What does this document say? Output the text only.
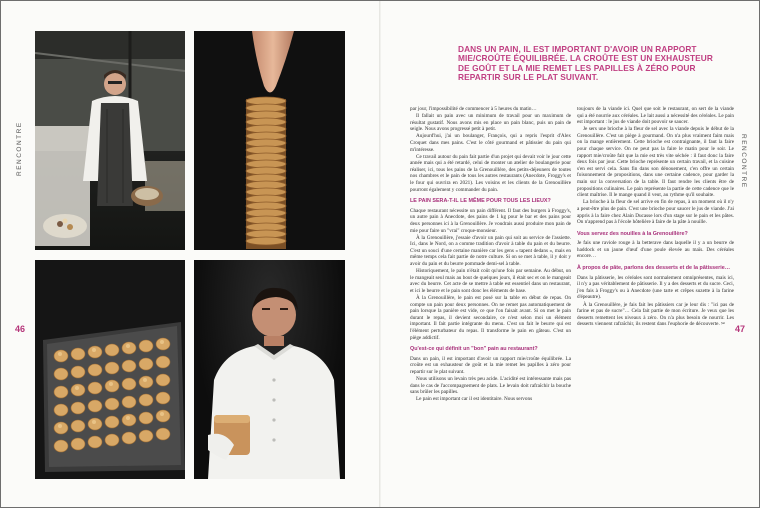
RENCONTRE	RENCONTRE
46	47
DANS UN PAIN, IL EST IMPORTANT D'AVOIR UN RAPPORT MIE/CROÛTE ÉQUILIBRÉE. LA CROÛTE EST UN EXHAUSTEUR DE GOÛT ET LA MIE REMET LES PAPILLES À ZÉRO POUR REPARTIR SUR LE PLAT SUIVANT.

par jour, l'impossibilité de commencer à 5 heures du matin…

Il fallait un pain avec un minimum de travail pour un maximum de résultat gustatif. Nous avons mis en place un pain blanc, puis un pain de seigle. Nous avons progressé petit à petit.

Aujourd'hui, j'ai un boulanger, François, qui a repris l'esprit d'Alex Croquet dans mes pains. C'est le côté gourmand et pâtissier du pain qui m'intéresse.

Ce travail autour du pain fait partie d'un projet qui devait voir le jour cette année mais qui a été retardé, celui de monter un atelier de boulangerie pour réaliser, ici, tous les pains de la Grenouillère, des petits-déjeuners de toutes nos chambres et le pain de tous les autres restaurants (Anecdote, Froggy's et le four qui ouvrira en 2021). Les voisins et les clients de la Grenouillère pourront également y commander du pain.

LE PAIN SERA-T-IL LE MÊME POUR TOUS LES LIEUX?

Chaque restaurant nécessite un pain différent. Il faut des burgers à Froggy's, un autre pain à Anecdote, des pains de 1 kg pour le bar et des pains pour deux personnes ici à la Grenouillère. Je voudrais aussi produire mon pain de mie pour faire un "vrai" croque-monsieur.

À la Grenouillère, j'essaie d'avoir un pain qui soit au service de l'assiette. Ici, dans le Nord, on a comme tradition d'avoir à table du pain et du beurre. C'est un souci d'une certaine manière car les gens « tapent dedans », mais en même temps cela fait partie de notre culture. Si on se met à table, il y doit y avoir du pain et du beurre pommade demi-sel à table.

Historiquement, le pain n'était coût qu'une fois par semaine. Au début, on le mangeait seul mais au bout de quelques jours, il était sec et on le mangeait avec du beurre. Cet acte de se mettre à table est essentiel dans un restaurant, et ici le beurre et le pain sont donc les éléments de base.

À la Grenouillère, le pain est posé sur la table en début de repas. On compte un pain pour deux personnes. On ne remet pas automatiquement de pain lorsque la panière est vide, ce que l'on faisait avant. Si on met le pain durant le repas, il devient secondaire, ce n'est selon moi un élément important. Il fait partie intégrante du menu. C'est un fait le beurre qui est l'élément perturbateur du repas. Il transforme le pain en gâteau. C'est un piège addictif.

Qu'est-ce qui définit un "bon" pain au restaurant?

Dans un pain, il est important d'avoir un rapport mie/croûte équilibrée. La croûte est un exhausteur de goût et la mie remet les papilles à zéro pour repartir sur le plat suivant.

Nous utilisons un levain très peu acide. L'acidité est intéressante mais pas dans le cas de l'accompagnement de plats. Le levain doit rafraîchir la bouche sans brûler les papilles.

Le pain est important car il est identitaire. Nous servons

toujours de la viande ici. Quel que soit le restaurant, on sert de la viande qui a été nourrie aux céréales. Le lait aussi a nécessité des céréales. Le pain est important : le jus de viande doit pouvoir se saucer.

Je sers une brioche à la fleur de sel avec la viande depuis le début de la Grenouillère. C'est un piège à gourmand. On n'a plus vraiment faim mais on la mange entièrement. Cette brioche est contraignante, il faut la faire pour chaque service. On ne peut pas la faire le matin pour le soir. Le rapport mie/croûte fait que la mie est très vite séchée : il faut donc la faire deux fois par jour. Cette brioche représente un certain travail, et la cuisine s'en est servi cela. Sans fin dans son dénouement, c'en offre un certain foisonnement de propositions, dans une certaine cadence, pour garder la main sur la conversation de la table. Il faut rendre les clients être de propositions culinaires. Le pain représente la partie de cette cadence que le client maîtrise. Il le mange quand il veut, au rythme qu'il souhaite.

La brioche à la fleur de sel arrive en fin de repas, à un moment où il n'y a peut-être plus de pain. C'est une brioche pour saucer le jus de viande. J'ai appris à la faire chez Alain Ducasse lors d'un stage sur le pain et les pâtes. On n'apprend pas à l'école hôtelière à faire de la pâte à nouille.

Vous servez des nouilles à la Grenouillère?

Je fais une raviole rouge à la betterave dans laquelle il y a un beurre de haddock et un jaune d'œuf d'une poule élevée au maïs. Des céréales encore…

À propos de pâte, parlons des desserts et de la pâtisserie…

Dans la pâtisserie, les céréales sont normalement omniprésentes, mais ici, il n'y a pas véritablement de pâtisserie. Il y a des desserts et du sucre. Ceci, j'en fais à Froggy's ou à Anecdote (une tarte et crêpes suzette à la farine d'épeautre).

À la Grenouillère, je fais fait les pâtissiers car je leur dis : "ici pas de farine et pas de sucre"… Cela fait partie de mon écriture. Je veux que les desserts remettent les niveaux à zéro. On n'a plus besoin de nourrir. Les desserts viennent rafraîchir, ils restent dans l'euphorie de découverte. ✂
